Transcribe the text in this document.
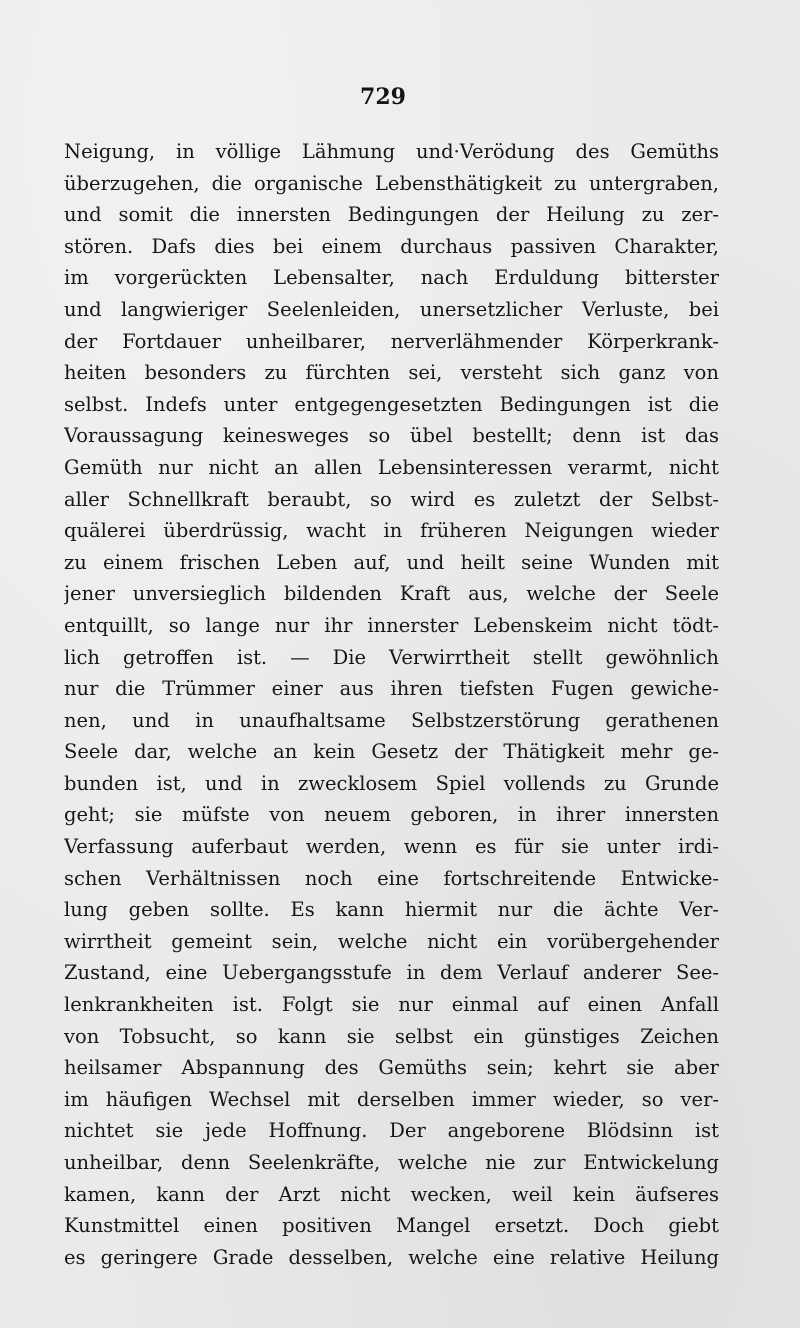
729
Neigung, in völlige Lähmung und·Verödung des Gemüths
überzugehen, die organische Lebensthätigkeit zu untergraben,
und somit die innersten Bedingungen der Heilung zu zer-
stören. Dafs dies bei einem durchaus passiven Charakter,
im vorgerückten Lebensalter, nach Erduldung bitterster
und langwieriger Seelenleiden, unersetzlicher Verluste, bei
der Fortdauer unheilbarer, nerverlähmender Körperkrank-
heiten besonders zu fürchten sei, versteht sich ganz von
selbst. Indefs unter entgegengesetzten Bedingungen ist die
Voraussagung keinesweges so übel bestellt; denn ist das
Gemüth nur nicht an allen Lebensinteressen verarmt, nicht
aller Schnellkraft beraubt, so wird es zuletzt der Selbst-
quälerei überdrüssig, wacht in früheren Neigungen wieder
zu einem frischen Leben auf, und heilt seine Wunden mit
jener unversieglich bildenden Kraft aus, welche der Seele
entquillt, so lange nur ihr innerster Lebenskeim nicht tödt-
lich getroffen ist. — Die Verwirrtheit stellt gewöhnlich
nur die Trümmer einer aus ihren tiefsten Fugen gewiche-
nen, und in unaufhaltsame Selbstzerstörung gerathenen
Seele dar, welche an kein Gesetz der Thätigkeit mehr ge-
bunden ist, und in zwecklosem Spiel vollends zu Grunde
geht; sie müfste von neuem geboren, in ihrer innersten
Verfassung auferbaut werden, wenn es für sie unter irdi-
schen Verhältnissen noch eine fortschreitende Entwicke-
lung geben sollte. Es kann hiermit nur die ächte Ver-
wirrtheit gemeint sein, welche nicht ein vorübergehender
Zustand, eine Uebergangsstufe in dem Verlauf anderer See-
lenkrankheiten ist. Folgt sie nur einmal auf einen Anfall
von Tobsucht, so kann sie selbst ein günstiges Zeichen
heilsamer Abspannung des Gemüths sein; kehrt sie aber
im häufigen Wechsel mit derselben immer wieder, so ver-
nichtet sie jede Hoffnung. Der angeborene Blödsinn ist
unheilbar, denn Seelenkräfte, welche nie zur Entwickelung
kamen, kann der Arzt nicht wecken, weil kein äufseres
Kunstmittel einen positiven Mangel ersetzt. Doch giebt
es geringere Grade desselben, welche eine relative Heilung
